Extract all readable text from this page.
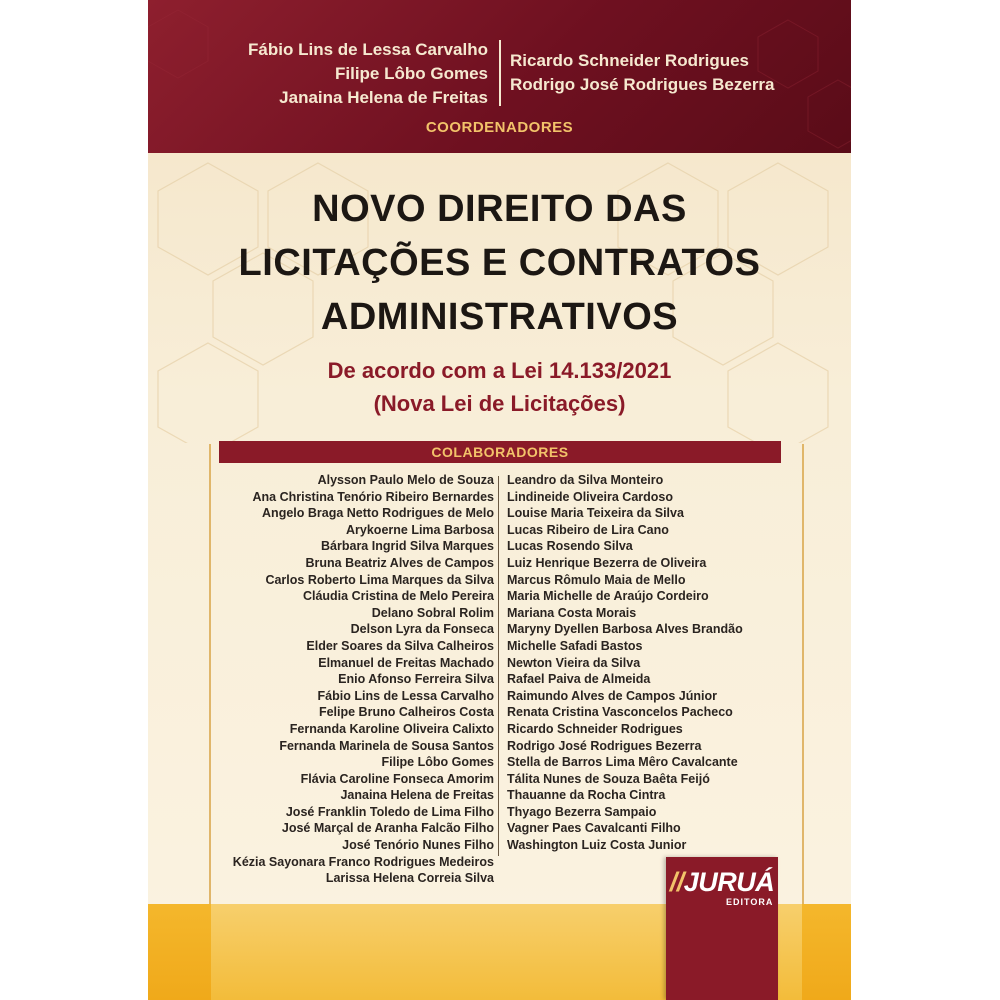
Fábio Lins de Lessa Carvalho
Filipe Lôbo Gomes
Janaina Helena de Freitas
Ricardo Schneider Rodrigues
Rodrigo José Rodrigues Bezerra
COORDENADORES
NOVO DIREITO DAS
LICITAÇÕES E CONTRATOS
ADMINISTRATIVOS
De acordo com a Lei 14.133/2021
(Nova Lei de Licitações)
COLABORADORES
Alysson Paulo Melo de Souza
Ana Christina Tenório Ribeiro Bernardes
Angelo Braga Netto Rodrigues de Melo
Arykoerne Lima Barbosa
Bárbara Ingrid Silva Marques
Bruna Beatriz Alves de Campos
Carlos Roberto Lima Marques da Silva
Cláudia Cristina de Melo Pereira
Delano Sobral Rolim
Delson Lyra da Fonseca
Elder Soares da Silva Calheiros
Elmanuel de Freitas Machado
Enio Afonso Ferreira Silva
Fábio Lins de Lessa Carvalho
Felipe Bruno Calheiros Costa
Fernanda Karoline Oliveira Calixto
Fernanda Marinela de Sousa Santos
Filipe Lôbo Gomes
Flávia Caroline Fonseca Amorim
Janaina Helena de Freitas
José Franklin Toledo de Lima Filho
José Marçal de Aranha Falcão Filho
José Tenório Nunes Filho
Kézia Sayonara Franco Rodrigues Medeiros
Larissa Helena Correia Silva
Leandro da Silva Monteiro
Lindineide Oliveira Cardoso
Louise Maria Teixeira da Silva
Lucas Ribeiro de Lira Cano
Lucas Rosendo Silva
Luiz Henrique Bezerra de Oliveira
Marcus Rômulo Maia de Mello
Maria Michelle de Araújo Cordeiro
Mariana Costa Morais
Maryny Dyellen Barbosa Alves Brandão
Michelle Safadi Bastos
Newton Vieira da Silva
Rafael Paiva de Almeida
Raimundo Alves de Campos Júnior
Renata Cristina Vasconcelos Pacheco
Ricardo Schneider Rodrigues
Rodrigo José Rodrigues Bezerra
Stella de Barros Lima Mêro Cavalcante
Tálita Nunes de Souza Baêta Feijó
Thauanne da Rocha Cintra
Thyago Bezerra Sampaio
Vagner Paes Cavalcanti Filho
Washington Luiz Costa Junior
//JURUÁ
EDITORA
